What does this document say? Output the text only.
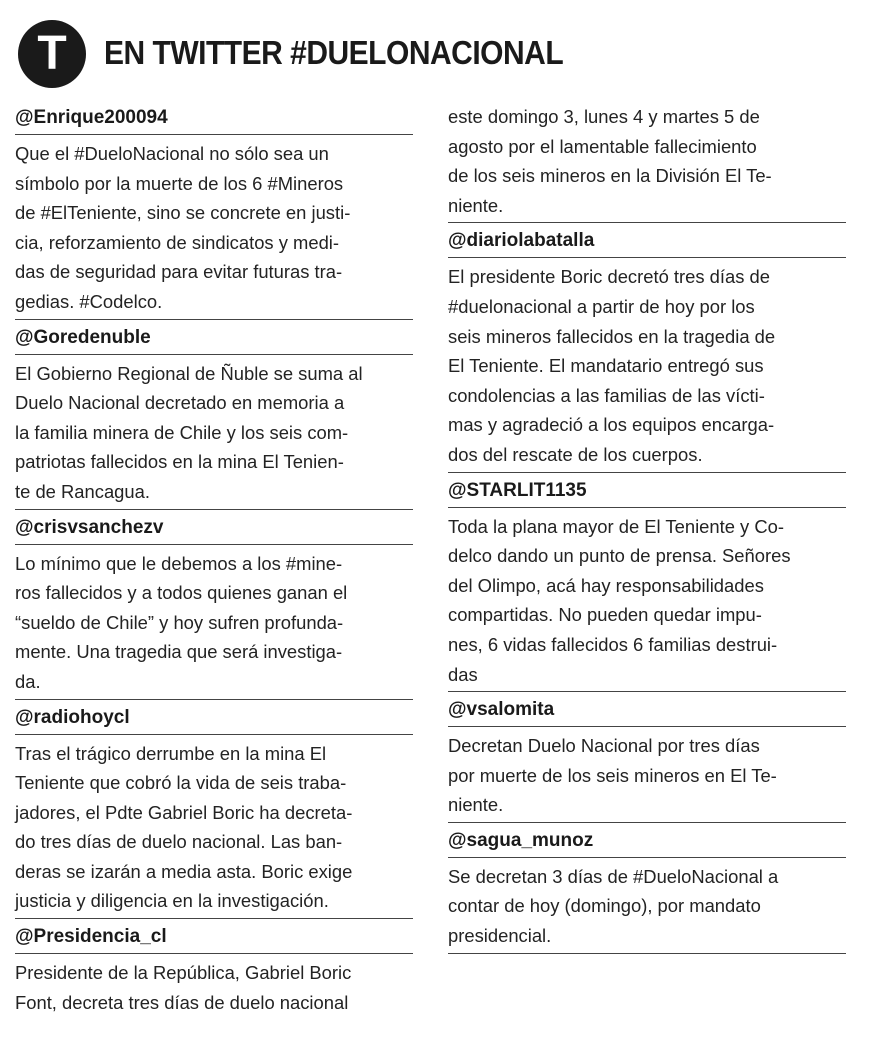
T	EN TWITTER #DUELONACIONAL
@Enrique200094
Que el #DueloNacional no sólo sea un
símbolo por la muerte de los 6 #Mineros
de #ElTeniente, sino se concrete en justi-
cia, reforzamiento de sindicatos y medi-
das de seguridad para evitar futuras tra-
gedias. #Codelco.
@Goredenuble
El Gobierno Regional de Ñuble se suma al
Duelo Nacional decretado en memoria a
la familia minera de Chile y los seis com-
patriotas fallecidos en la mina El Tenien-
te de Rancagua.
@crisvsanchezv
Lo mínimo que le debemos a los #mine-
ros fallecidos y a todos quienes ganan el
“sueldo de Chile” y hoy sufren profunda-
mente. Una tragedia que será investiga-
da.
@radiohoycl
Tras el trágico derrumbe en la mina El
Teniente que cobró la vida de seis traba-
jadores, el Pdte Gabriel Boric ha decreta-
do tres días de duelo nacional. Las ban-
deras se izarán a media asta. Boric exige
justicia y diligencia en la investigación.
@Presidencia_cl
Presidente de la República, Gabriel Boric
Font, decreta tres días de duelo nacional
este domingo 3, lunes 4 y martes 5 de
agosto por el lamentable fallecimiento
de los seis mineros en la División El Te-
niente.
@diariolabatalla
El presidente Boric decretó tres días de
#duelonacional a partir de hoy por los
seis mineros fallecidos en la tragedia de
El Teniente. El mandatario entregó sus
condolencias a las familias de las vícti-
mas y agradeció a los equipos encarga-
dos del rescate de los cuerpos.
@STARLIT1135
Toda la plana mayor de El Teniente y Co-
delco dando un punto de prensa. Señores
del Olimpo, acá hay responsabilidades
compartidas. No pueden quedar impu-
nes, 6 vidas fallecidos 6 familias destrui-
das
@vsalomita
Decretan Duelo Nacional por tres días
por muerte de los seis mineros en El Te-
niente.
@sagua_munoz
Se decretan 3 días de #DueloNacional a
contar de hoy (domingo), por mandato
presidencial.
